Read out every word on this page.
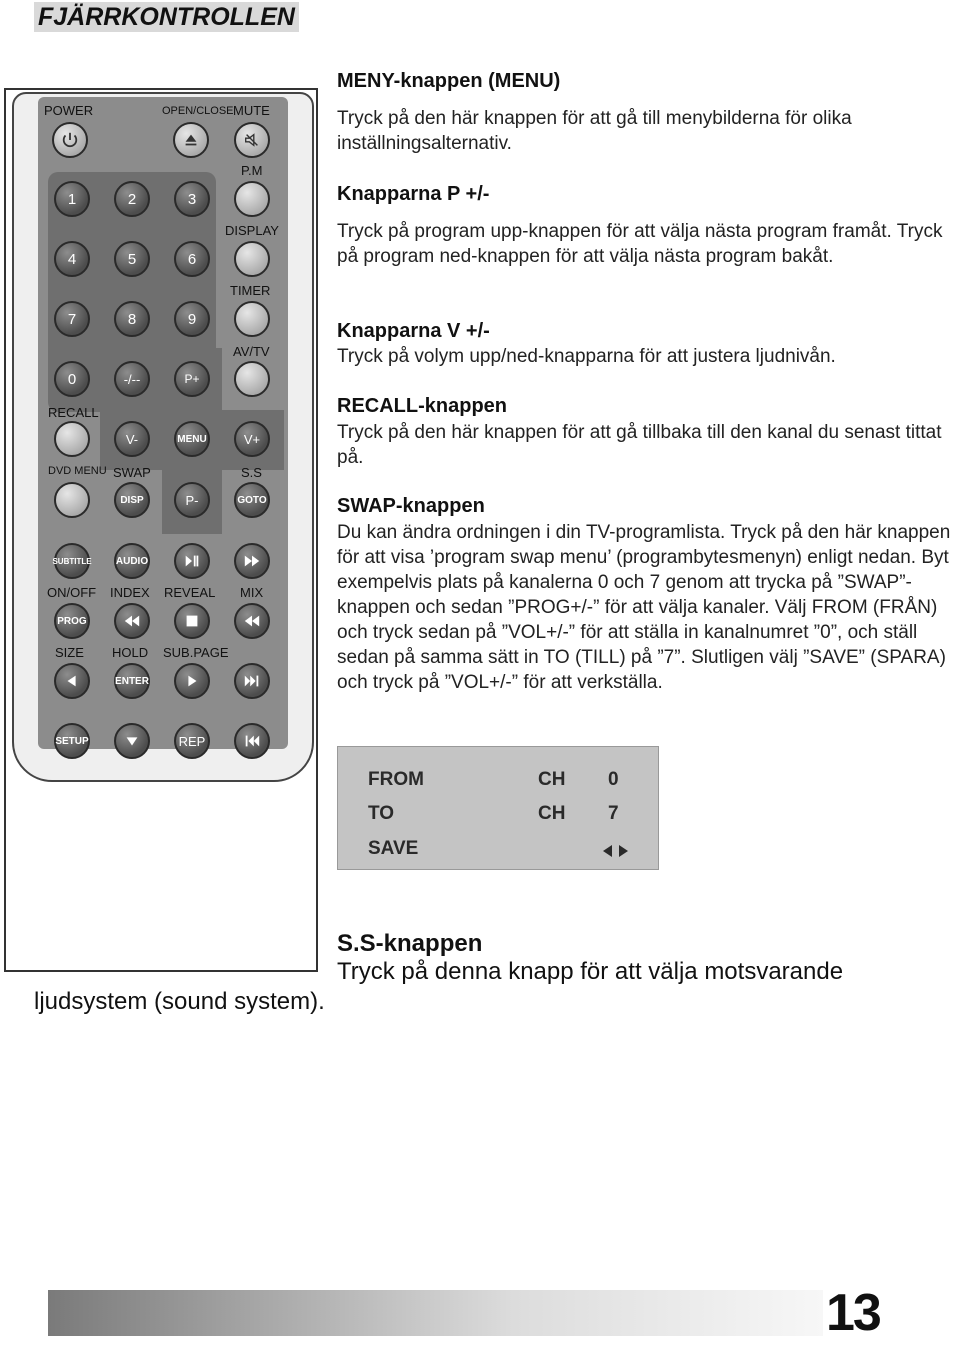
FJÄRRKONTROLLEN
POWER	OPEN/CLOSE MUTE
P.M
1	2	3
DISPLAY
4	5	6
TIMER
7	8	9
AV/TV
0	-/--	P+
RECALL
V-	MENU	V+
DVD MENU SWAP	S.S
DISP	P-	GOTO
SUBTITLE AUDIO
ON/OFF INDEX REVEAL MIX
PROG
SIZE HOLD SUB.PAGE
ENTER
SETUP	REP
MENY-knappen (MENU)
Tryck på den här knappen för att gå till menybilderna för olika inställningsalternativ.
Knapparna P +/-
Tryck på program upp-knappen för att välja nästa program framåt. Tryck på program ned-knappen för att välja nästa program bakåt.
Knapparna V +/-
Tryck på volym upp/ned-knapparna för att justera ljudnivån.
RECALL-knappen
Tryck på den här knappen för att gå tillbaka till den kanal du senast tittat på.
SWAP-knappen
Du kan ändra ordningen i din TV-programlista. Tryck på den här knappen för att visa ’program swap menu’ (programbytesmenyn) enligt nedan. Byt exempelvis plats på kanalerna 0 och 7 genom att trycka på ”SWAP”-knappen och sedan ”PROG+/-” för att välja kanaler. Välj FROM (FRÅN) och tryck sedan på ”VOL+/-” för att ställa in kanalnumret ”0”, och ställ sedan på samma sätt in TO (TILL) på ”7”. Slutligen välj ”SAVE” (SPARA) och tryck på ”VOL+/-” för att verkställa.
FROM	CH 0
TO	CH 7
SAVE
S.S-knappen
Tryck på denna knapp för att välja motsvarande
ljudsystem (sound system).
13
